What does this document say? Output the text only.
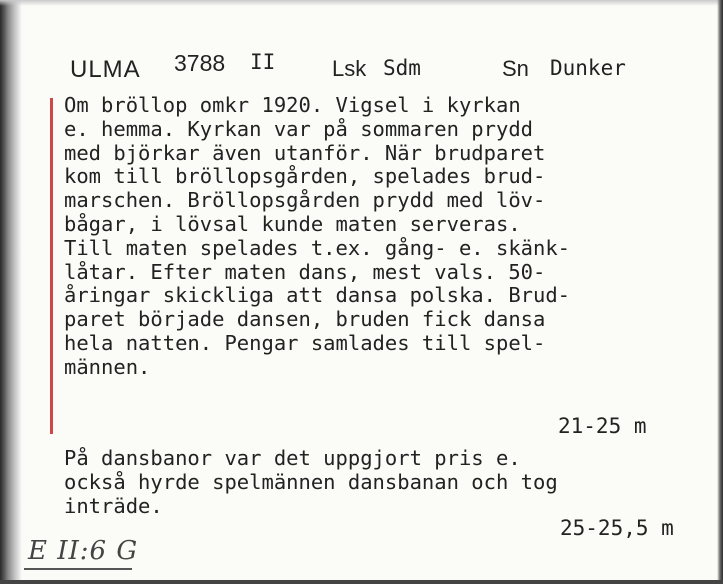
ULMA 3788 II	Lsk Sdm	Sn Dunker
Om bröllop omkr 1920. Vigsel i kyrkan
e. hemma. Kyrkan var på sommaren prydd
med björkar även utanför. När brudparet
kom till bröllopsgården, spelades brud-
marschen. Bröllopsgården prydd med löv-
bågar, i lövsal kunde maten serveras.
Till maten spelades t.ex. gång- e. skänk-
låtar. Efter maten dans, mest vals. 50-
åringar skickliga att dansa polska. Brud-
paret började dansen, bruden fick dansa
hela natten. Pengar samlades till spel-
männen.
21-25 m
På dansbanor var det uppgjort pris e.
också hyrde spelmännen dansbanan och tog
inträde.
25-25,5 m
E II:6 G
